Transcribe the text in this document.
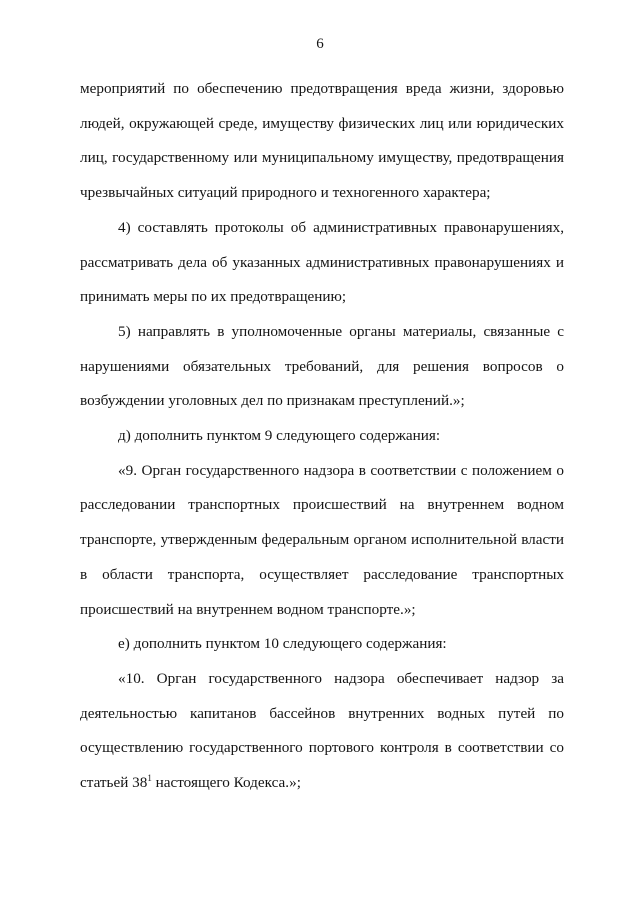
6

мероприятий по обеспечению предотвращения вреда жизни, здоровью людей, окружающей среде, имуществу физических лиц или юридических лиц, государственному или муниципальному имуществу, предотвращения чрезвычайных ситуаций природного и техногенного характера;

4) составлять протоколы об административных правонарушениях, рассматривать дела об указанных административных правонарушениях и принимать меры по их предотвращению;

5) направлять в уполномоченные органы материалы, связанные с нарушениями обязательных требований, для решения вопросов о возбуждении уголовных дел по признакам преступлений.»;

д) дополнить пунктом 9 следующего содержания:

«9. Орган государственного надзора в соответствии с положением о расследовании транспортных происшествий на внутреннем водном транспорте, утвержденным федеральным органом исполнительной власти в области транспорта, осуществляет расследование транспортных происшествий на внутреннем водном транспорте.»;

е) дополнить пунктом 10 следующего содержания:

«10. Орган государственного надзора обеспечивает надзор за деятельностью капитанов бассейнов внутренних водных путей по осуществлению государственного портового контроля в соответствии со статьей $38^1$ настоящего Кодекса.»;
